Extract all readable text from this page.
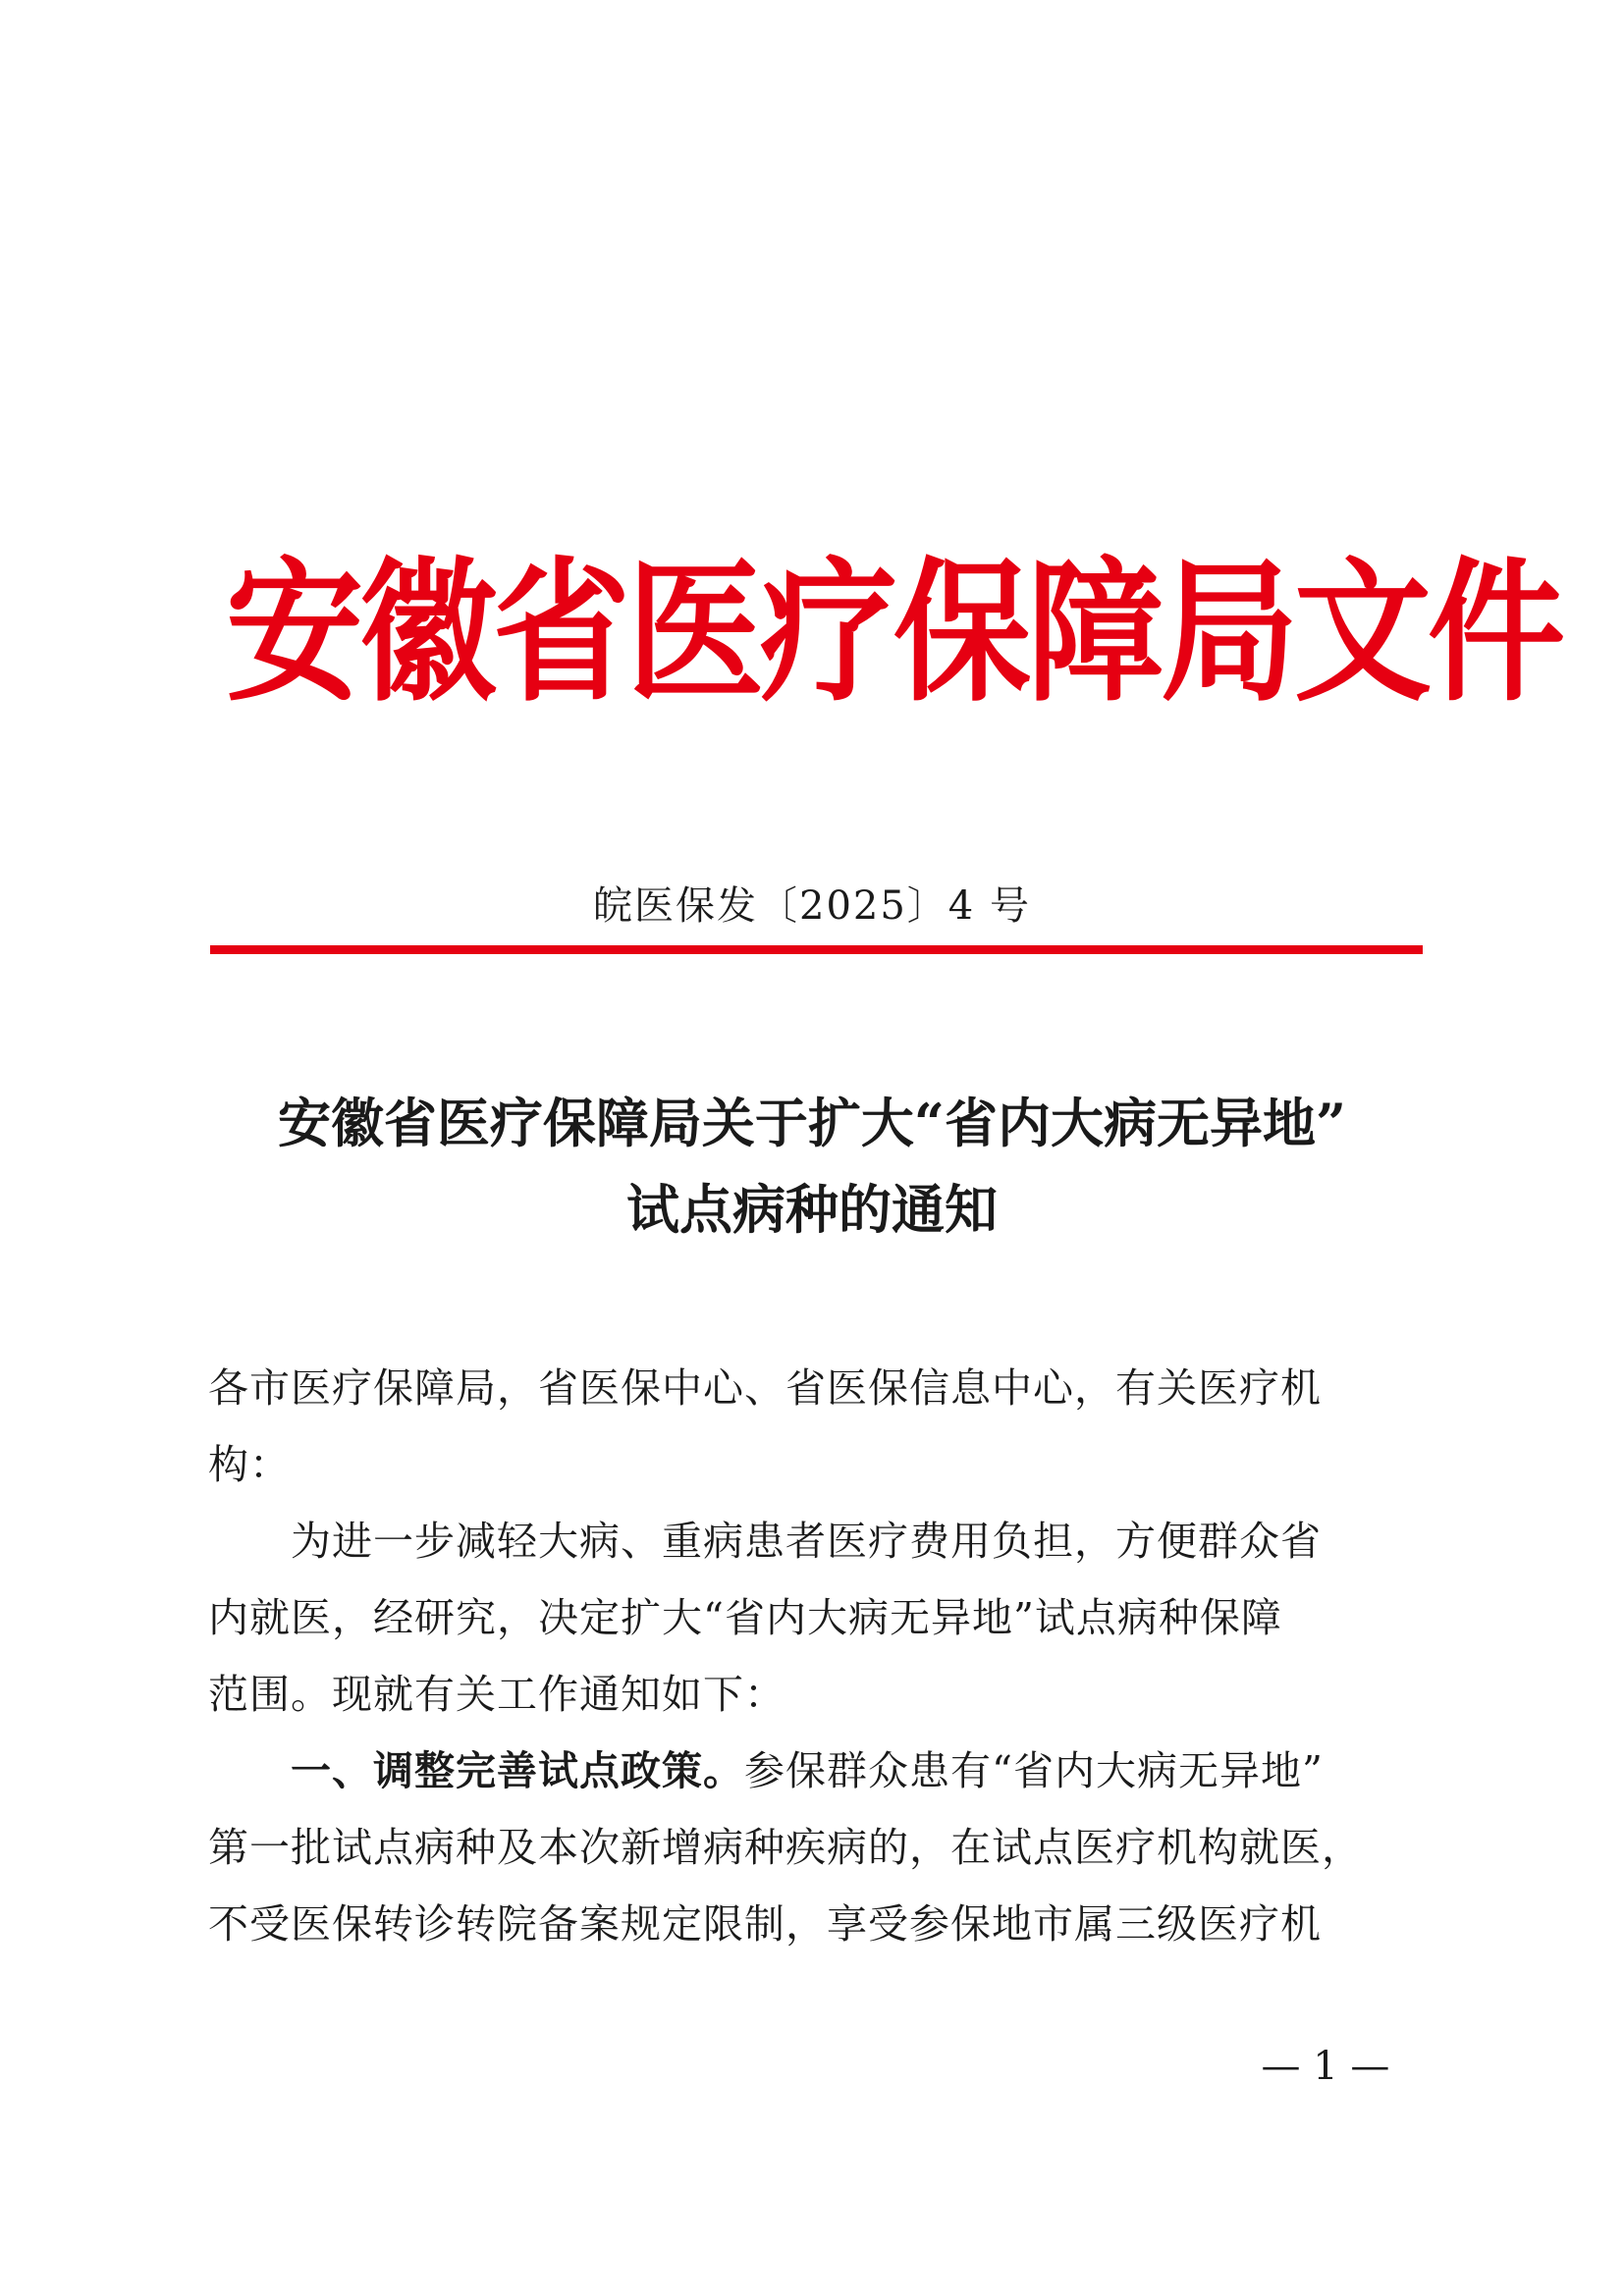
安徽省医疗保障局文件
皖医保发〔2025〕4 号
安徽省医疗保障局关于扩大“省内大病无异地”
试点病种的通知
各市医疗保障局，省医保中心、省医保信息中心，有关医疗机
构：
为进一步减轻大病、重病患者医疗费用负担，方便群众省
内就医，经研究，决定扩大“省内大病无异地”试点病种保障
范围。现就有关工作通知如下：
一、调整完善试点政策。参保群众患有“省内大病无异地”
第一批试点病种及本次新增病种疾病的，在试点医疗机构就医，
不受医保转诊转院备案规定限制，享受参保地市属三级医疗机
— 1 —
